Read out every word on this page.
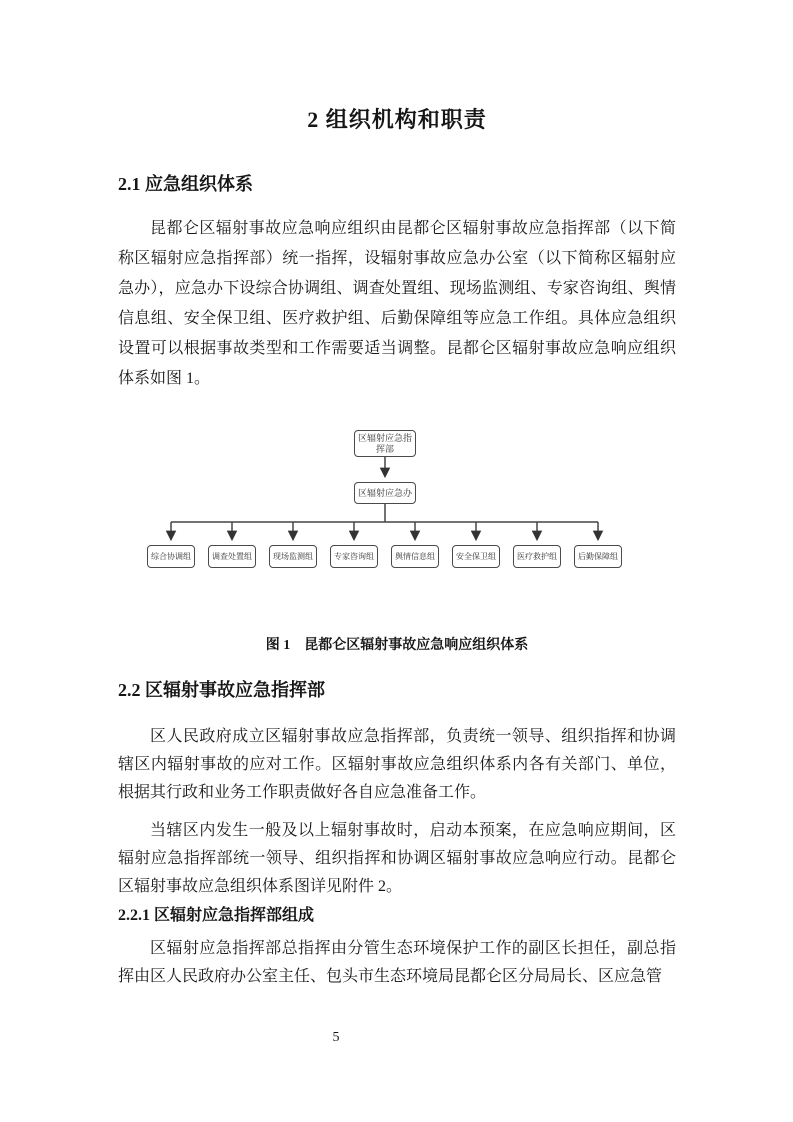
2 组织机构和职责
2.1 应急组织体系

昆都仑区辐射事故应急响应组织由昆都仑区辐射事故应急指挥部（以下简称区辐射应急指挥部）统一指挥，设辐射事故应急办公室（以下简称区辐射应急办），应急办下设综合协调组、调查处置组、现场监测组、专家咨询组、舆情信息组、安全保卫组、医疗救护组、后勤保障组等应急工作组。具体应急组织设置可以根据事故类型和工作需要适当调整。昆都仑区辐射事故应急响应组织体系如图 1。

区辐射应急指挥部
区辐射应急办
综合协调组	调查处置组	现场监测组	专家咨询组	舆情信息组	安全保卫组	医疗救护组	后勤保障组
图 1　昆都仑区辐射事故应急响应组织体系
2.2 区辐射事故应急指挥部

区人民政府成立区辐射事故应急指挥部，负责统一领导、组织指挥和协调辖区内辐射事故的应对工作。区辐射事故应急组织体系内各有关部门、单位，根据其行政和业务工作职责做好各自应急准备工作。

当辖区内发生一般及以上辐射事故时，启动本预案，在应急响应期间，区辐射应急指挥部统一领导、组织指挥和协调区辐射事故应急响应行动。昆都仑区辐射事故应急组织体系图详见附件 2。

2.2.1 区辐射应急指挥部组成

区辐射应急指挥部总指挥由分管生态环境保护工作的副区长担任，副总指挥由区人民政府办公室主任、包头市生态环境局昆都仑区分局局长、区应急管

5
